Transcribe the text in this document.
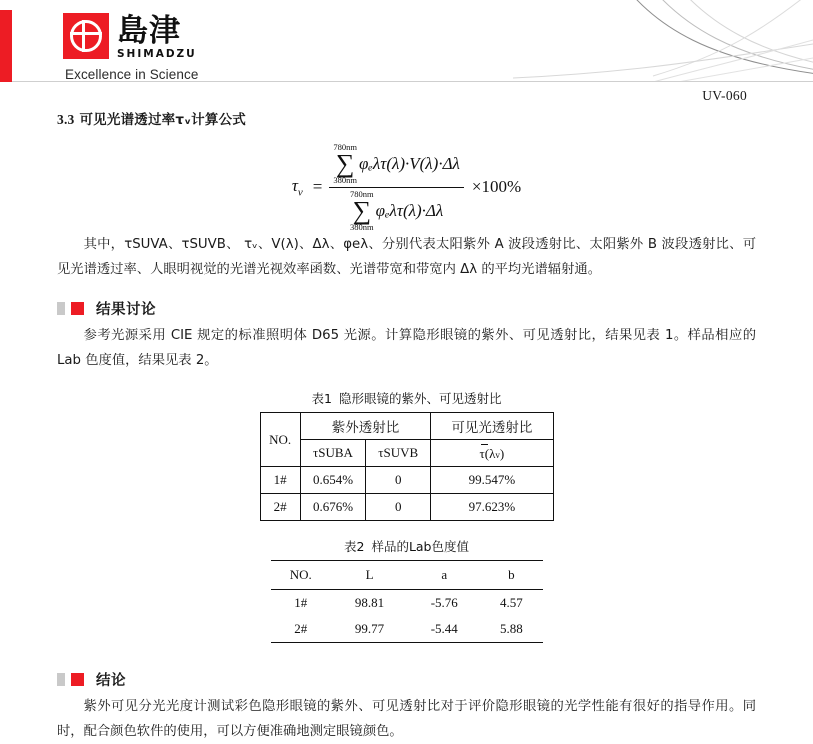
島津
SHIMADZU
Excellence in Science
UV-060
3.3 可见光谱透过率τᵥ计算公式
$\tau_v$ =
780nm
∑
380nm
φₑλτ(λ)·V(λ)·Δλ
780nm
∑
380nm
φₑλτ(λ)·Δλ
×100%

其中，τSUVA、τSUVB、 τᵥ、V(λ)、Δλ、φeλ、分别代表太阳紫外 A 波段透射比、太阳紫外 B 波段透射比、可见光谱透过率、人眼明视觉的光谱光视效率函数、光谱带宽和带宽内 Δλ 的平均光谱辐射通。

结果讨论

参考光源采用 CIE 规定的标准照明体 D65 光源。计算隐形眼镜的紫外、可见透射比，结果见表 1。样品相应的 Lab 色度值，结果见表 2。

表1 隐形眼镜的紫外、可见透射比
NO.	紫外透射比		可见光透射比
	τSUBA	τSUVB	τ(λv)
1#	0.654%	0	99.547%
2#	0.676%	0	97.623%
表2 样品的Lab色度值
NO.	L	a	b
1#	98.81	-5.76	4.57
2#	99.77	-5.44	5.88
结论

紫外可见分光光度计测试彩色隐形眼镜的紫外、可见透射比对于评价隐形眼镜的光学性能有很好的指导作用。同时，配合颜色软件的使用，可以方便准确地测定眼镜颜色。
